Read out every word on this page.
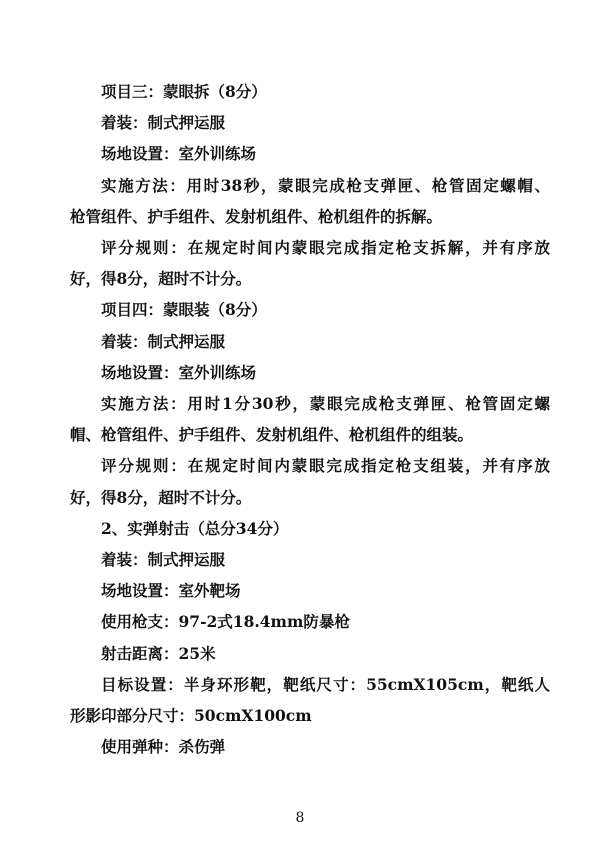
项目三：蒙眼拆（8分）

着装：制式押运服

场地设置：室外训练场

实施方法：用时38秒，蒙眼完成枪支弹匣、枪管固定螺帽、

枪管组件、护手组件、发射机组件、枪机组件的拆解。

评分规则：在规定时间内蒙眼完成指定枪支拆解，并有序放

好，得8分，超时不计分。

项目四：蒙眼装（8分）

着装：制式押运服

场地设置：室外训练场

实施方法：用时1分30秒，蒙眼完成枪支弹匣、枪管固定螺

帽、枪管组件、护手组件、发射机组件、枪机组件的组装。

评分规则：在规定时间内蒙眼完成指定枪支组装，并有序放

好，得8分，超时不计分。

2、实弹射击（总分34分）

着装：制式押运服

场地设置：室外靶场

使用枪支：97-2式18.4mm防暴枪

射击距离：25米

目标设置：半身环形靶，靶纸尺寸：55cmX105cm，靶纸人

形影印部分尺寸：50cmX100cm

使用弹种：杀伤弹

8
